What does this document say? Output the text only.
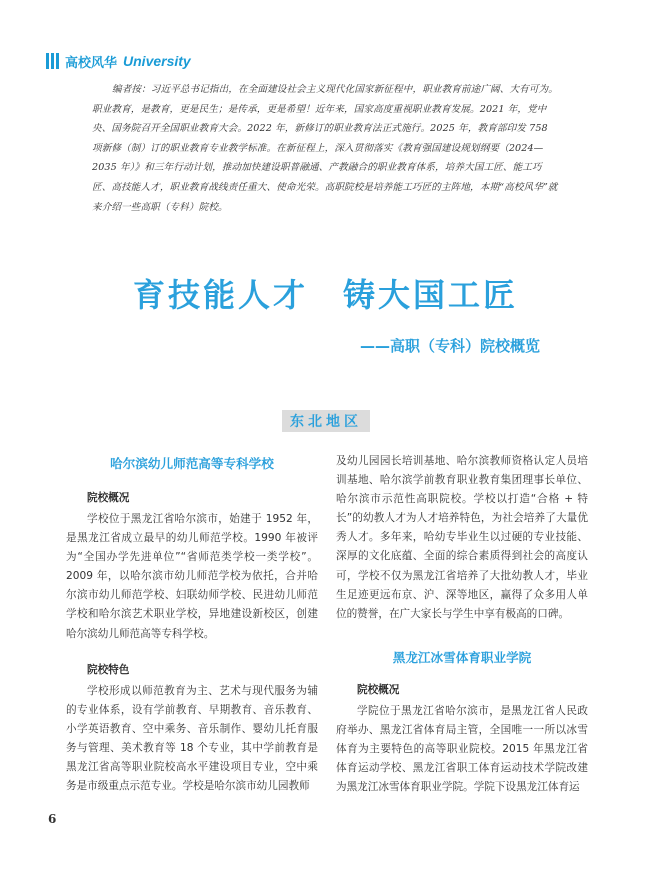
高校风华 University

编者按：习近平总书记指出，在全面建设社会主义现代化国家新征程中，职业教育前途广阔、大有可为。职业教育，是教育，更是民生；是传承，更是希望！近年来，国家高度重视职业教育发展。2021 年，党中央、国务院召开全国职业教育大会。2022 年，新修订的职业教育法正式施行。2025 年，教育部印发 758 项新修（制）订的职业教育专业教学标准。在新征程上，深入贯彻落实《教育强国建设规划纲要（2024—2035 年）》和三年行动计划，推动加快建设职普融通、产教融合的职业教育体系，培养大国工匠、能工巧匠、高技能人才，职业教育战线责任重大、使命光荣。高职院校是培养能工巧匠的主阵地，本期“高校风华”就来介绍一些高职（专科）院校。

育技能人才　铸大国工匠
——高职（专科）院校概览
东北地区
哈尔滨幼儿师范高等专科学校
院校概况

学校位于黑龙江省哈尔滨市，始建于 1952 年，是黑龙江省成立最早的幼儿师范学校。1990 年被评为“全国办学先进单位”“省师范类学校一类学校”。2009 年，以哈尔滨市幼儿师范学校为依托，合并哈尔滨市幼儿师范学校、妇联幼师学校、民进幼儿师范学校和哈尔滨艺术职业学校，异地建设新校区，创建哈尔滨幼儿师范高等专科学校。

院校特色

学校形成以师范教育为主、艺术与现代服务为辅的专业体系，设有学前教育、早期教育、音乐教育、小学英语教育、空中乘务、音乐制作、婴幼儿托育服务与管理、美术教育等 18 个专业，其中学前教育是黑龙江省高等职业院校高水平建设项目专业，空中乘务是市级重点示范专业。学校是哈尔滨市幼儿园教师

及幼儿园园长培训基地、哈尔滨教师资格认定人员培训基地、哈尔滨学前教育职业教育集团理事长单位、哈尔滨市示范性高职院校。学校以打造“合格 + 特长”的幼教人才为人才培养特色，为社会培养了大量优秀人才。多年来，哈幼专毕业生以过硬的专业技能、深厚的文化底蕴、全面的综合素质得到社会的高度认可，学校不仅为黑龙江省培养了大批幼教人才，毕业生足迹更远布京、沪、深等地区，赢得了众多用人单位的赞誉，在广大家长与学生中享有极高的口碑。

黑龙江冰雪体育职业学院
院校概况

学院位于黑龙江省哈尔滨市，是黑龙江省人民政府举办、黑龙江省体育局主管，全国唯一一所以冰雪体育为主要特色的高等职业院校。2015 年黑龙江省体育运动学校、黑龙江省职工体育运动技术学院改建为黑龙江冰雪体育职业学院。学院下设黑龙江体育运

6
